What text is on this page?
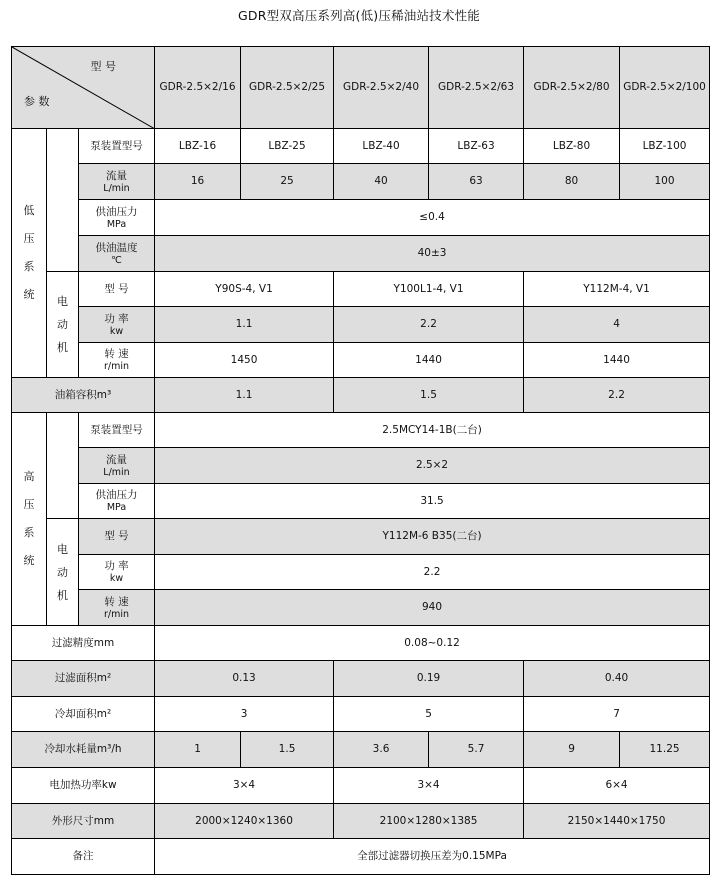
GDR型双高压系列高(低)压稀油站技术性能
型 号
参 数			GDR-2.5×2/16	GDR-2.5×2/25	GDR-2.5×2/40	GDR-2.5×2/63	GDR-2.5×2/80	GDR-2.5×2/100
低压系统		泵装置型号	LBZ-16	LBZ-25	LBZ-40	LBZ-63	LBZ-80	LBZ-100

		流量
L/min	16	25	40	63	80	100

		供油压力
MPa	≤0.4					

		供油温度
℃	40±3					
	电动机	型 号	Y90S-4, V1		Y100L1-4, V1		Y112M-4, V1	

		功 率
kw	1.1		2.2		4	

		转 速
r/min	1450		1440		1440	
油箱容积m³			1.1		1.5		2.2	
高压系统		泵装置型号	2.5MCY14-1B(二台)					

		流量
L/min	2.5×2					

		供油压力
MPa	31.5					
	电动机	型 号	Y112M-6 B35(二台)					

		功 率
kw	2.2					

		转 速
r/min	940					
过滤精度mm			0.08~0.12					
过滤面积m²			0.13		0.19		0.40	
冷却面积m²			3		5		7	
冷却水耗量m³/h			1	1.5	3.6	5.7	9	11.25
电加热功率kw			3×4		3×4		6×4	
外形尺寸mm			2000×1240×1360		2100×1280×1385		2150×1440×1750	
备注			全部过滤器切换压差为0.15MPa					
